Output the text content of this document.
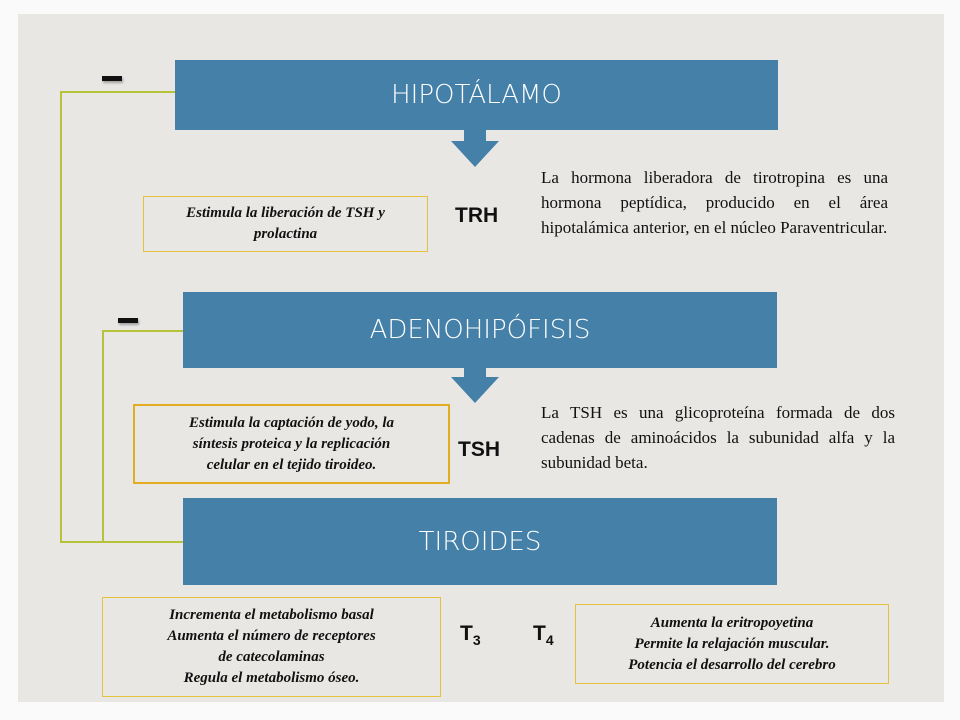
HIPOTÁLAMO
ADENOHIPÓFISIS
TIROIDES
Estimula la liberación de TSH y
prolactina
TRH
La hormona liberadora de tirotropina es una hormona peptídica, producido en el área hipotalámica anterior, en el núcleo Paraventricular.
Estimula la captación de yodo, la
síntesis proteica y la replicación
celular en el tejido tiroideo.
TSH
La TSH es una glicoproteína formada de dos cadenas de aminoácidos la subunidad alfa y la subunidad beta.
Incrementa el metabolismo basal
Aumenta el número de receptores
de catecolaminas
Regula el metabolismo óseo.
$T_3$ $T_4$
Aumenta la eritropoyetina
Permite la relajación muscular.
Potencia el desarrollo del cerebro
